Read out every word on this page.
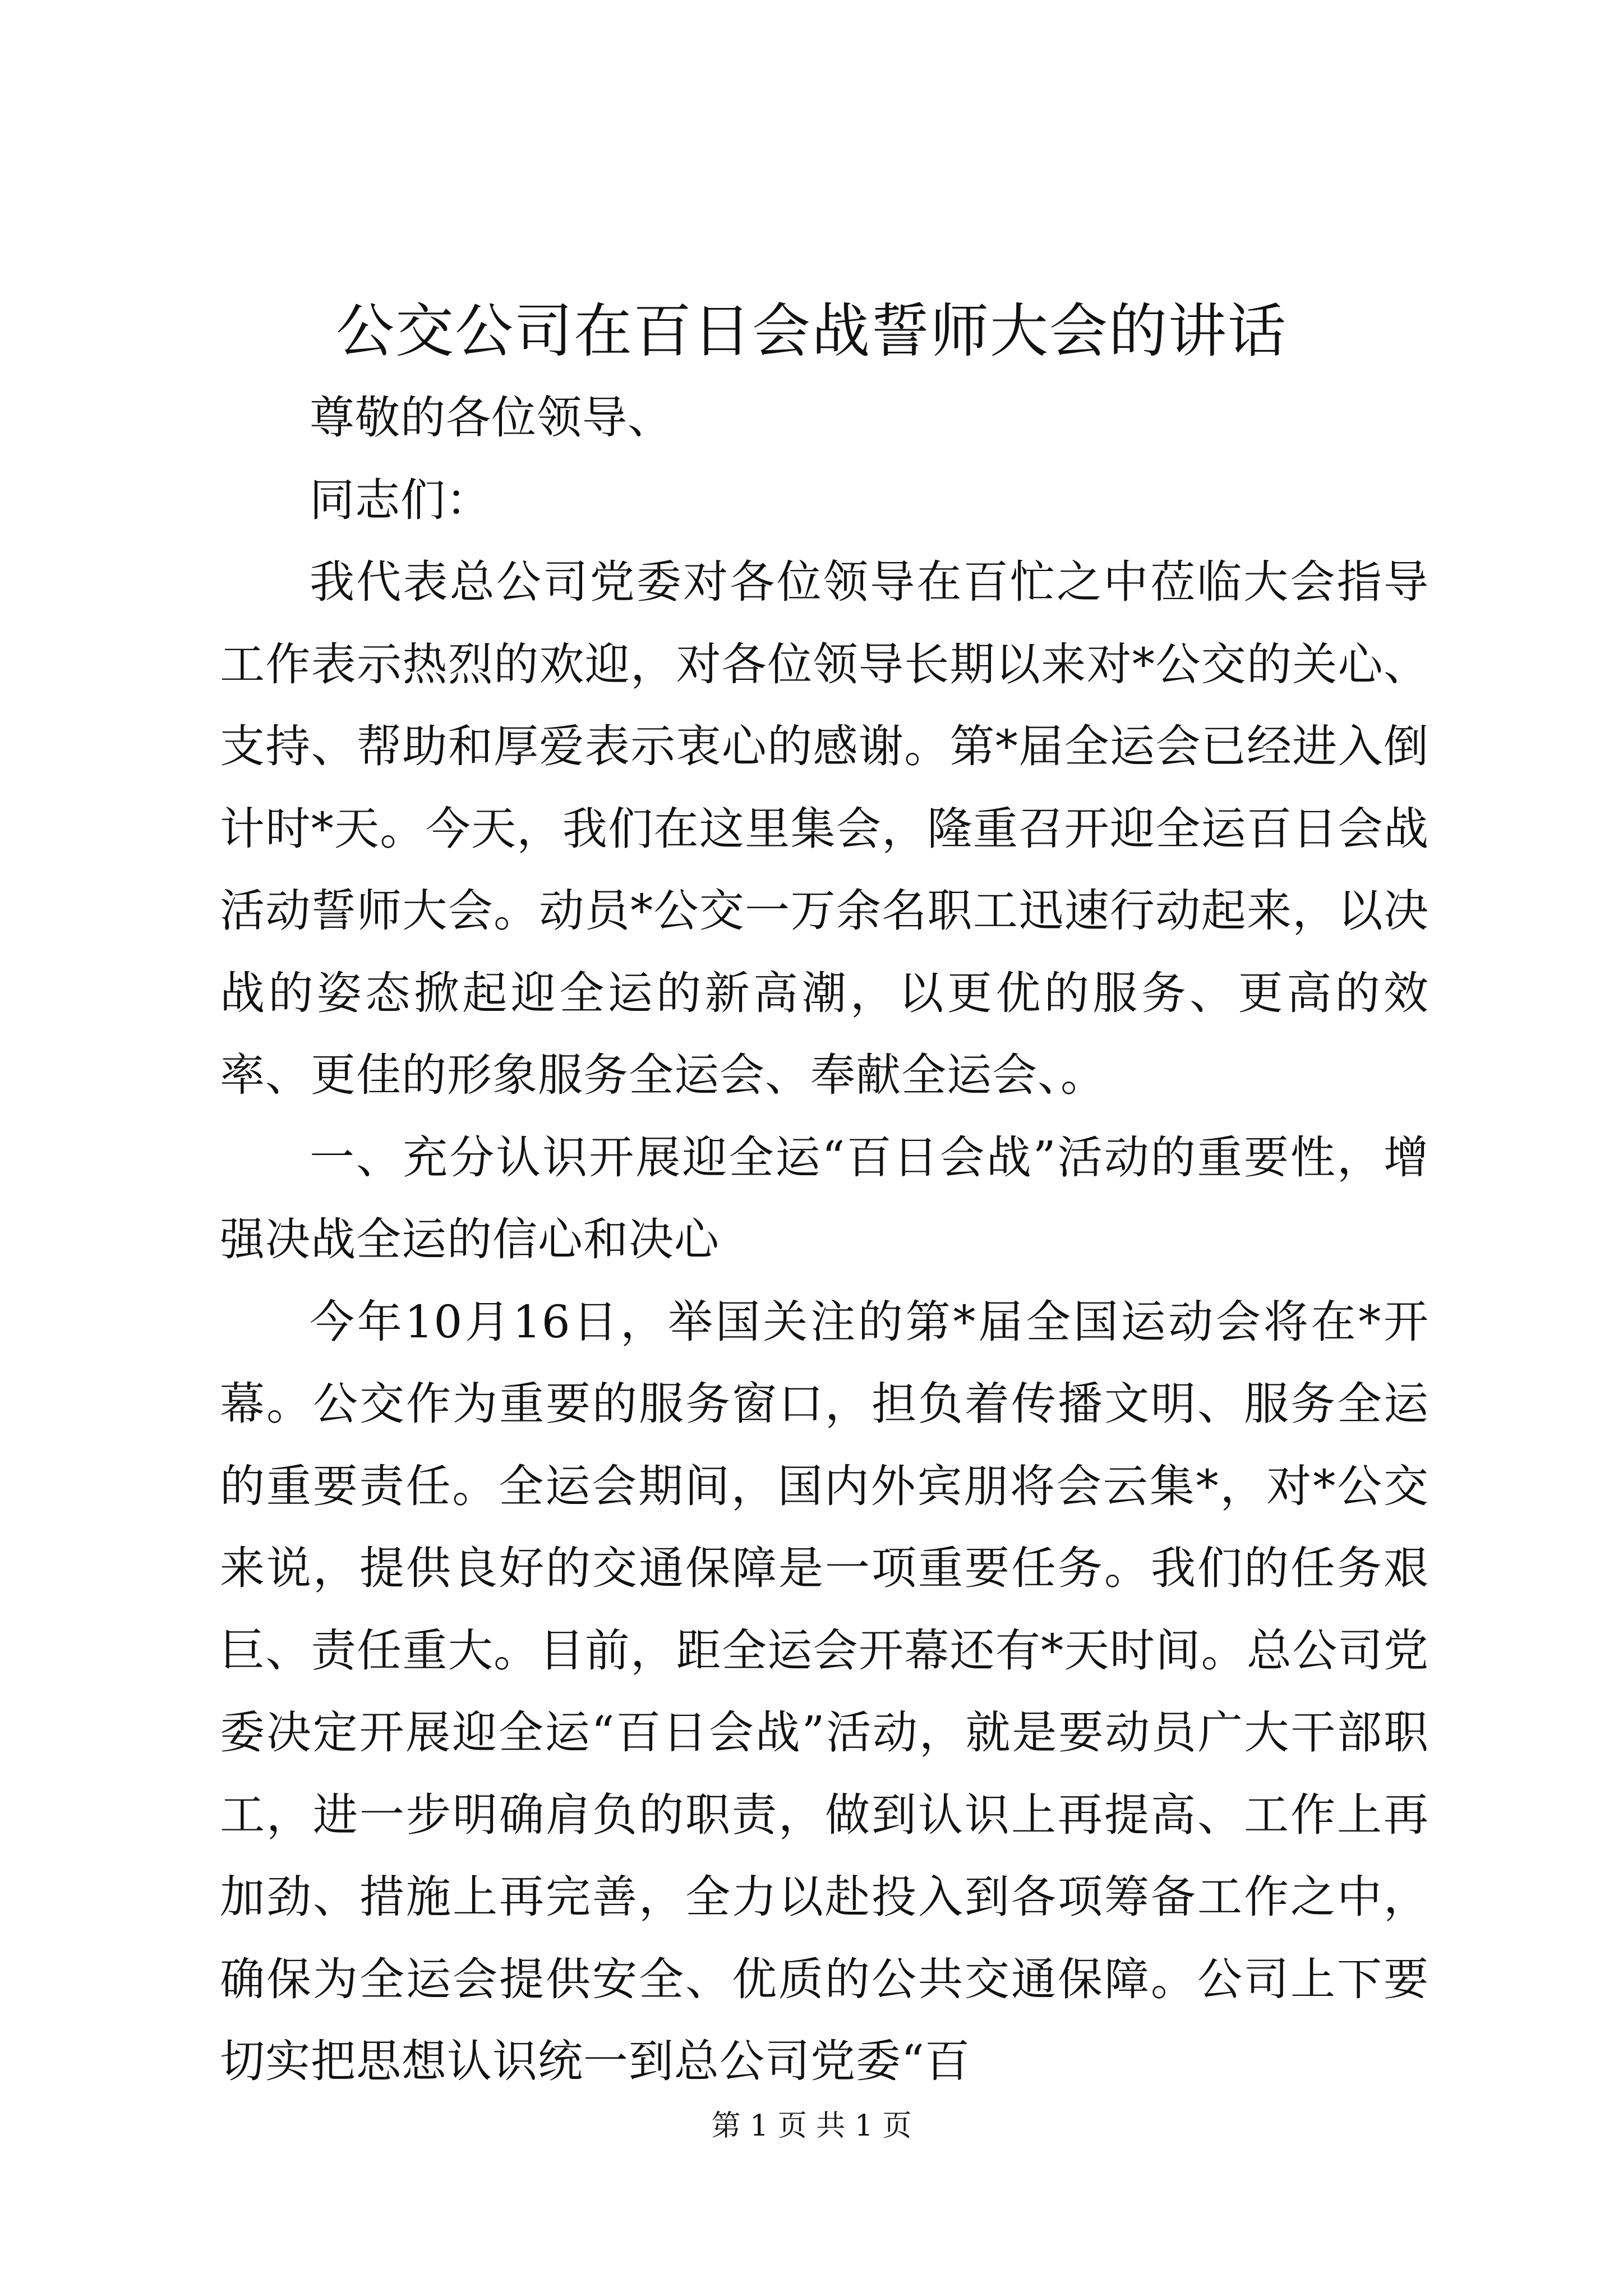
公交公司在百日会战誓师大会的讲话

尊敬的各位领导、

同志们：

我代表总公司党委对各位领导在百忙之中莅临大会指导工作表示热烈的欢迎，对各位领导长期以来对*公交的关心、支持、帮助和厚爱表示衷心的感谢。第*届全运会已经进入倒计时*天。今天，我们在这里集会，隆重召开迎全运百日会战活动誓师大会。动员*公交一万余名职工迅速行动起来，以决战的姿态掀起迎全运的新高潮，以更优的服务、更高的效率、更佳的形象服务全运会、奉献全运会、。

一、充分认识开展迎全运“百日会战”活动的重要性，增强决战全运的信心和决心

今年10月16日，举国关注的第*届全国运动会将在*开幕。公交作为重要的服务窗口，担负着传播文明、服务全运的重要责任。全运会期间，国内外宾朋将会云集*，对*公交来说，提供良好的交通保障是一项重要任务。我们的任务艰巨、责任重大。目前，距全运会开幕还有*天时间。总公司党委决定开展迎全运“百日会战”活动，就是要动员广大干部职工，进一步明确肩负的职责，做到认识上再提高、工作上再加劲、措施上再完善，全力以赴投入到各项筹备工作之中，确保为全运会提供安全、优质的公共交通保障。公司上下要切实把思想认识统一到总公司党委“百

第 1 页 共 1 页
